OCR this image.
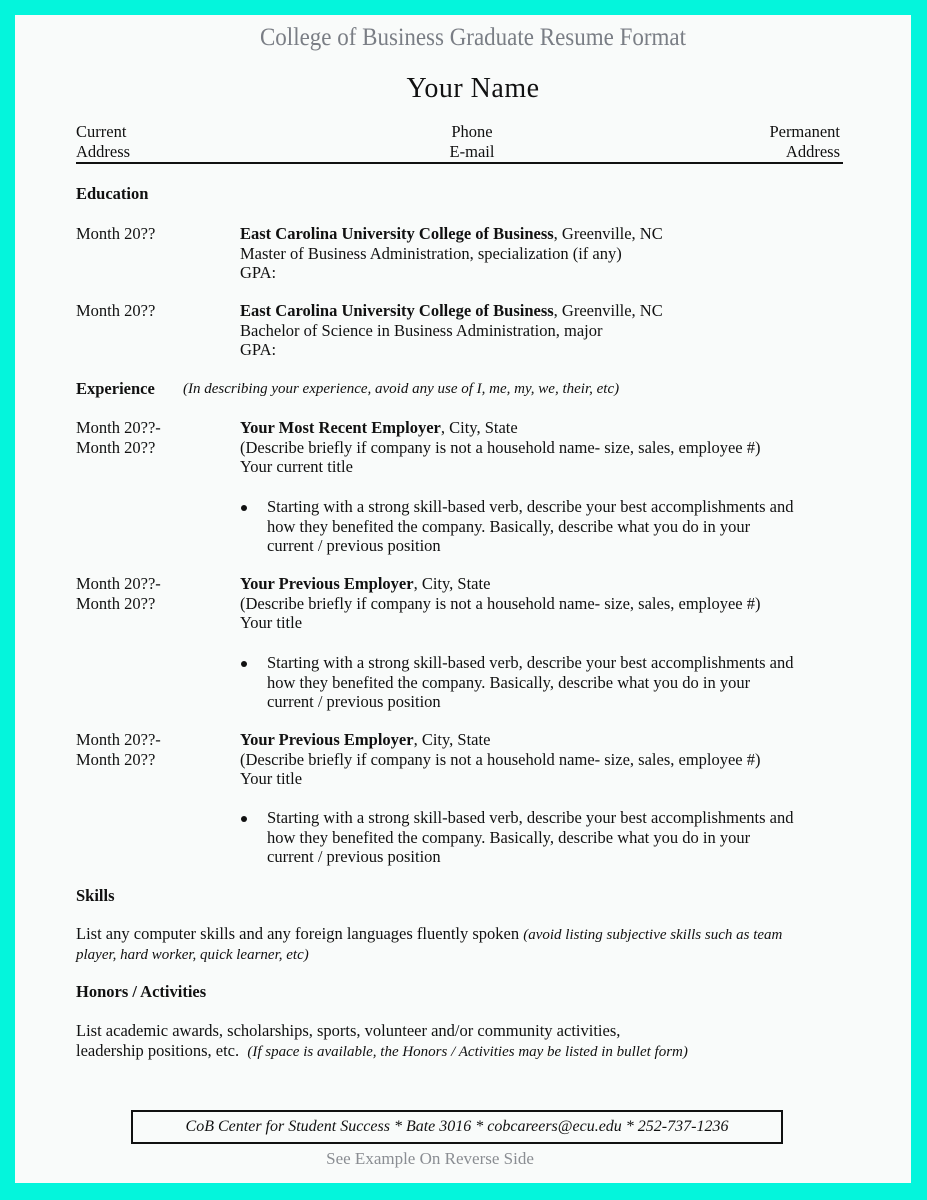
College of Business Graduate Resume Format
Your Name
Current
Address
Phone
E-mail
Permanent
Address
Education
Month 20??	East Carolina University College of Business, Greenville, NC
Master of Business Administration, specialization (if any)
GPA:
Month 20??	East Carolina University College of Business, Greenville, NC
Bachelor of Science in Business Administration, major
GPA:
Experience (In describing your experience, avoid any use of I, me, my, we, their, etc)
Month 20??-
Month 20??
Your Most Recent Employer, City, State
(Describe briefly if company is not a household name- size, sales, employee #)
Your current title
Starting with a strong skill-based verb, describe your best accomplishments and
how they benefited the company. Basically, describe what you do in your
current / previous position
Month 20??-
Month 20??
Your Previous Employer, City, State
(Describe briefly if company is not a household name- size, sales, employee #)
Your title
Starting with a strong skill-based verb, describe your best accomplishments and
how they benefited the company. Basically, describe what you do in your
current / previous position
Month 20??-
Month 20??
Your Previous Employer, City, State
(Describe briefly if company is not a household name- size, sales, employee #)
Your title
Starting with a strong skill-based verb, describe your best accomplishments and
how they benefited the company. Basically, describe what you do in your
current / previous position
Skills
List any computer skills and any foreign languages fluently spoken (avoid listing subjective skills such as team
player, hard worker, quick learner, etc)
Honors / Activities
List academic awards, scholarships, sports, volunteer and/or community activities,
leadership positions, etc.  (If space is available, the Honors / Activities may be listed in bullet form)
CoB Center for Student Success * Bate 3016 * cobcareers@ecu.edu * 252-737-1236
See Example On Reverse Side
